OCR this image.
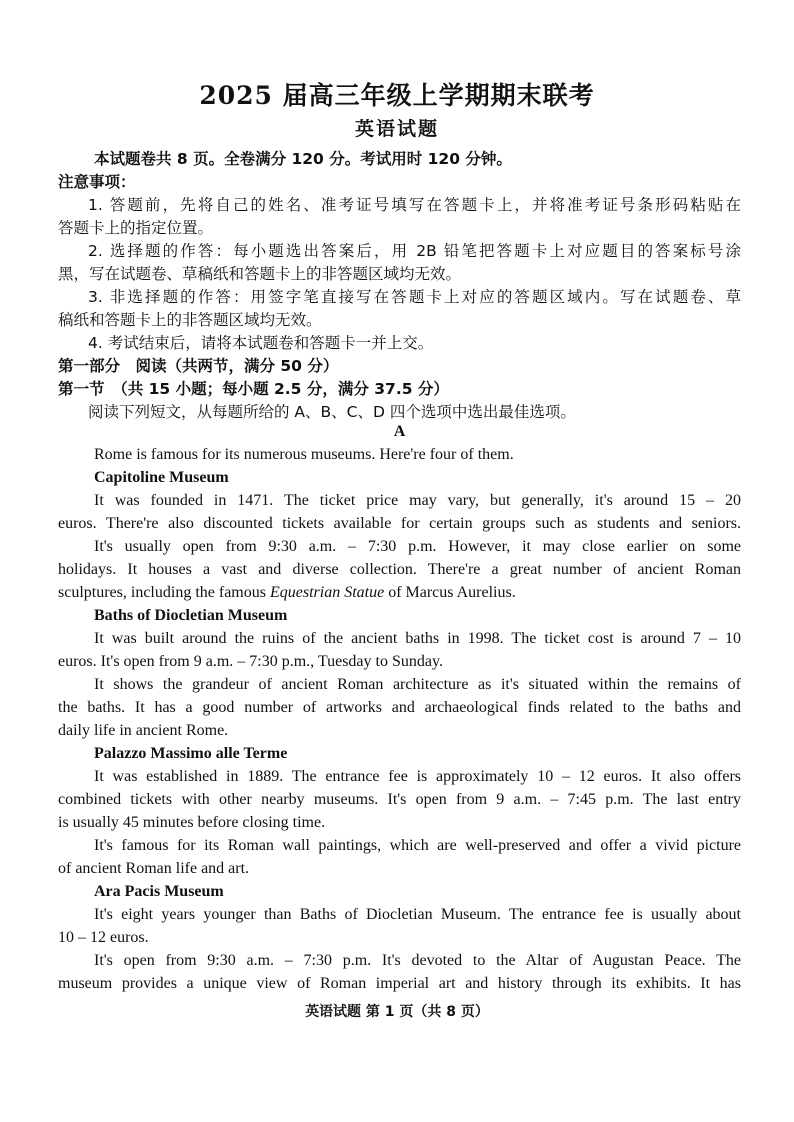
2025 届高三年级上学期期末联考
英语试题
本试题卷共 8 页。全卷满分 120 分。考试用时 120 分钟。
注意事项：
1. 答题前，先将自己的姓名、准考证号填写在答题卡上，并将准考证号条形码粘贴在
答题卡上的指定位置。
2. 选择题的作答：每小题选出答案后，用 2B 铅笔把答题卡上对应题目的答案标号涂
黑，写在试题卷、草稿纸和答题卡上的非答题区域均无效。
3. 非选择题的作答：用签字笔直接写在答题卡上对应的答题区域内。写在试题卷、草
稿纸和答题卡上的非答题区域均无效。
4. 考试结束后，请将本试题卷和答题卡一并上交。
第一部分　阅读（共两节，满分 50 分）
第一节　（共 15 小题；每小题 2.5 分，满分 37.5 分）
阅读下列短文，从每题所给的 A、B、C、D 四个选项中选出最佳选项。
A
Rome is famous for its numerous museums. Here're four of them.
Capitoline Museum
It was founded in 1471. The ticket price may vary, but generally, it's around 15 – 20
euros. There're also discounted tickets available for certain groups such as students and seniors.
It's usually open from 9:30 a.m. – 7:30 p.m. However, it may close earlier on some
holidays. It houses a vast and diverse collection. There're a great number of ancient Roman
sculptures, including the famous Equestrian Statue of Marcus Aurelius.
Baths of Diocletian Museum
It was built around the ruins of the ancient baths in 1998. The ticket cost is around 7 – 10
euros. It's open from 9 a.m. – 7:30 p.m., Tuesday to Sunday.
It shows the grandeur of ancient Roman architecture as it's situated within the remains of
the baths. It has a good number of artworks and archaeological finds related to the baths and
daily life in ancient Rome.
Palazzo Massimo alle Terme
It was established in 1889. The entrance fee is approximately 10 – 12 euros. It also offers
combined tickets with other nearby museums. It's open from 9 a.m. – 7:45 p.m. The last entry
is usually 45 minutes before closing time.
It's famous for its Roman wall paintings, which are well-preserved and offer a vivid picture
of ancient Roman life and art.
Ara Pacis Museum
It's eight years younger than Baths of Diocletian Museum. The entrance fee is usually about
10 – 12 euros.
It's open from 9:30 a.m. – 7:30 p.m. It's devoted to the Altar of Augustan Peace. The
museum provides a unique view of Roman imperial art and history through its exhibits. It has
英语试题 第 1 页（共 8 页）
